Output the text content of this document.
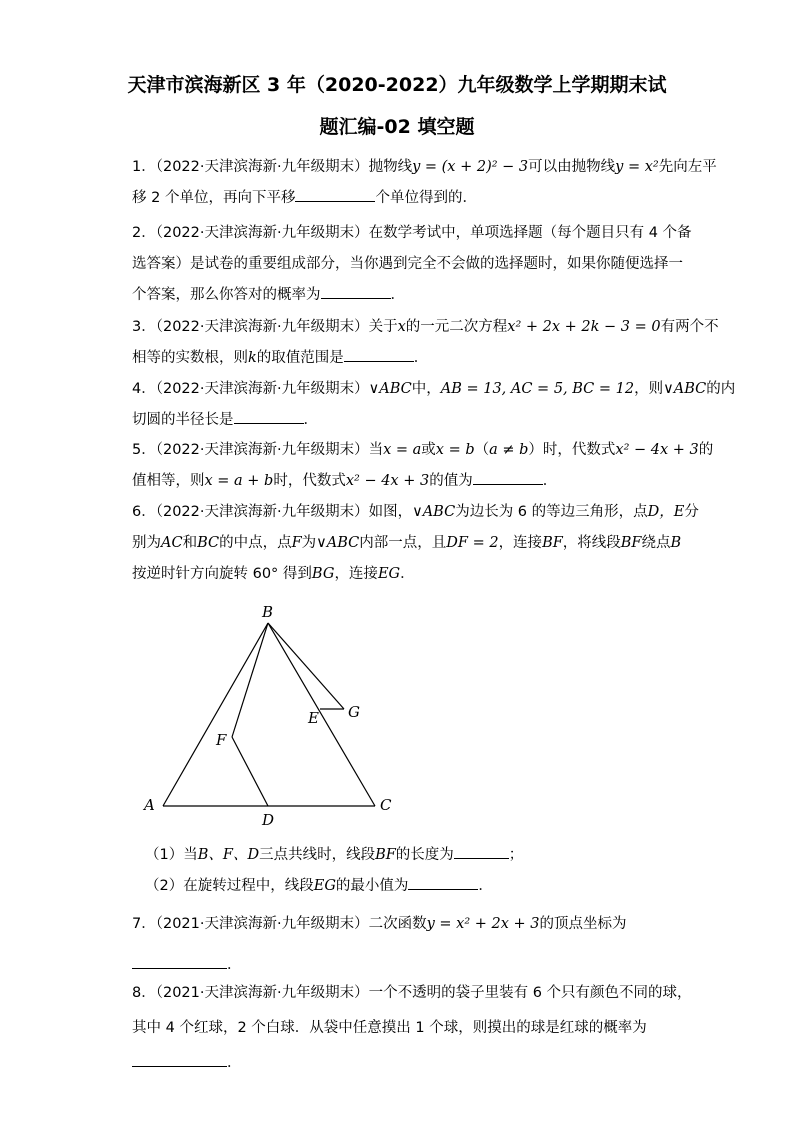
天津市滨海新区 3 年（2020-2022）九年级数学上学期期末试
题汇编-02 填空题
1．（2022·天津滨海新·九年级期末）抛物线y = (x + 2)² − 3可以由抛物线y = x²先向左平
移 2 个单位，再向下平移	个单位得到的．
2．（2022·天津滨海新·九年级期末）在数学考试中，单项选择题（每个题目只有 4 个备
选答案）是试卷的重要组成部分，当你遇到完全不会做的选择题时，如果你随便选择一
个答案，那么你答对的概率为	．
3．（2022·天津滨海新·九年级期末）关于x的一元二次方程x² + 2x + 2k − 3 = 0有两个不
相等的实数根，则k的取值范围是	．
4．（2022·天津滨海新·九年级期末）∨ABC中，AB = 13, AC = 5, BC = 12，则∨ABC的内
切圆的半径长是	．
5．（2022·天津滨海新·九年级期末）当x = a或x = b（a ≠ b）时，代数式x² − 4x + 3的
值相等，则x = a + b时，代数式x² − 4x + 3的值为	．
6．（2022·天津滨海新·九年级期末）如图，∨ABC为边长为 6 的等边三角形，点D，E分
别为AC和BC的中点，点F为∨ABC内部一点，且DF = 2，连接BF，将线段BF绕点B
按逆时针方向旋转 60° 得到BG，连接EG．
B
A	C
D
E G
F
（1）当B、F、D三点共线时，线段BF的长度为	；
（2）在旋转过程中，线段EG的最小值为	．
7．（2021·天津滨海新·九年级期末）二次函数y = x² + 2x + 3的顶点坐标为
．
8．（2021·天津滨海新·九年级期末）一个不透明的袋子里装有 6 个只有颜色不同的球，
其中 4 个红球，2 个白球．从袋中任意摸出 1 个球，则摸出的球是红球的概率为
．
